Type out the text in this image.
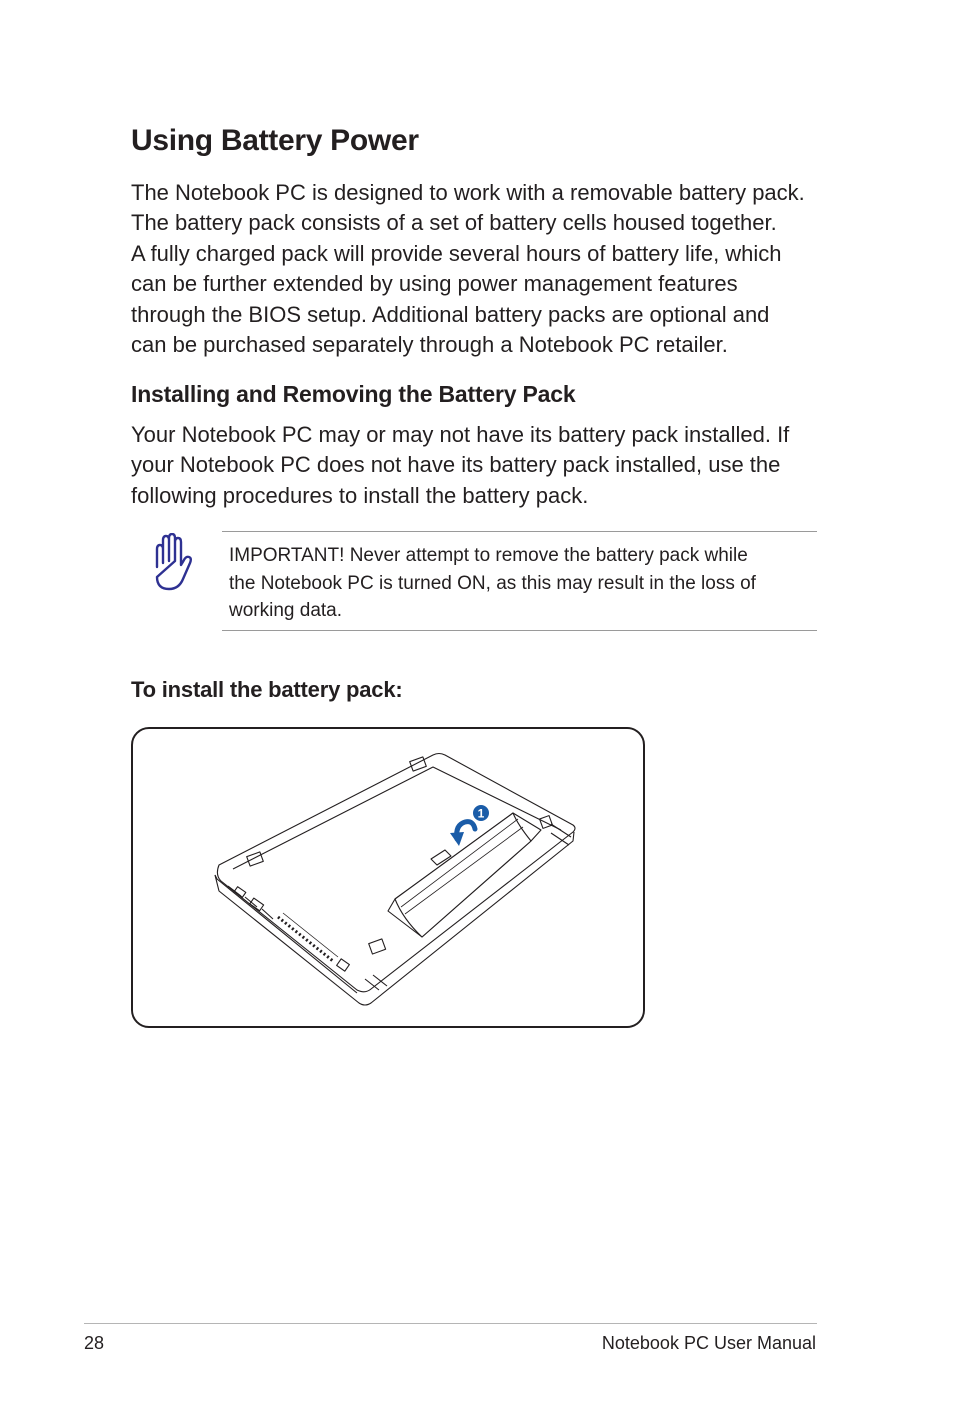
Using Battery Power
The Notebook PC is designed to work with a removable battery pack.
The battery pack consists of a set of battery cells housed together.
A fully charged pack will provide several hours of battery life, which
can be further extended by using power management features
through the BIOS setup. Additional battery packs are optional and
can be purchased separately through a Notebook PC retailer.
Installing and Removing the Battery Pack
Your Notebook PC may or may not have its battery pack installed. If
your Notebook PC does not have its battery pack installed, use the
following procedures to install the battery pack.
IMPORTANT! Never attempt to remove the battery pack while
the Notebook PC is turned ON, as this may result in the loss of
working data.
To install the battery pack:
1
28	Notebook PC User Manual
